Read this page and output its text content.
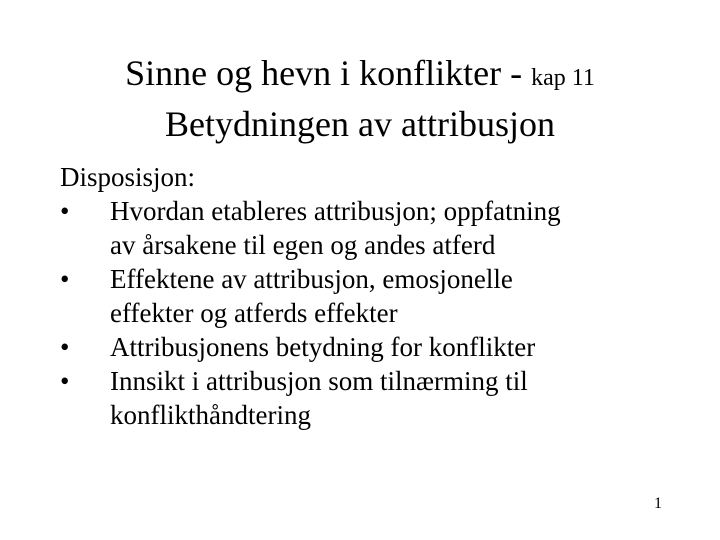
Sinne og hevn i konflikter - kap 11
Betydningen av attribusjon

Disposisjon:

•	Hvordan etableres attribusjon; oppfatning
av årsakene til egen og andes atferd
•	Effektene av attribusjon, emosjonelle
effekter og atferds effekter
•	Attribusjonens betydning for konflikter
•	Innsikt i attribusjon som tilnærming til
konflikthåndtering
1
